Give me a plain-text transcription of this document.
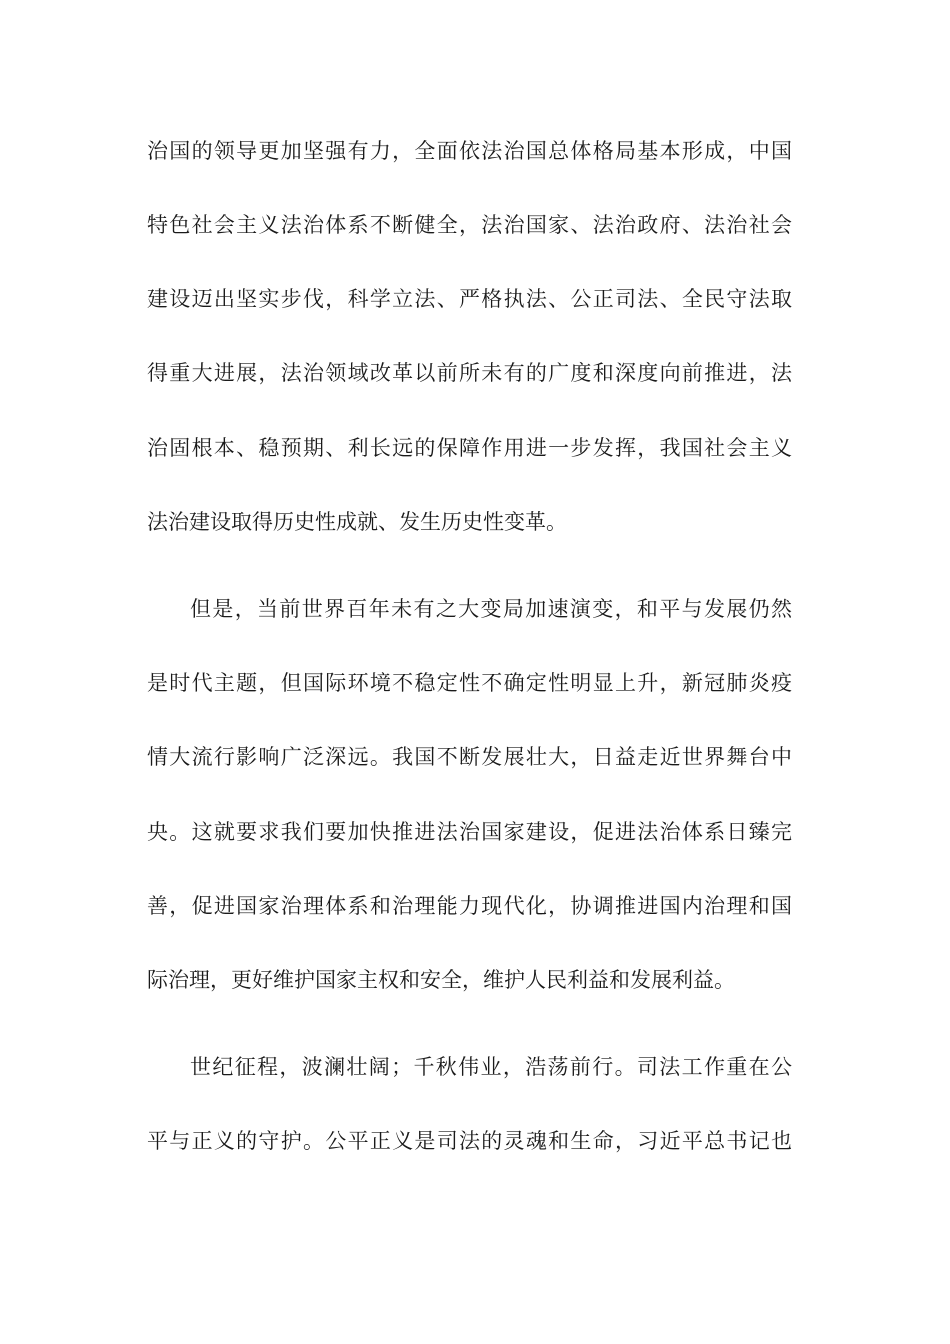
治国的领导更加坚强有力，全面依法治国总体格局基本形成，中国
特色社会主义法治体系不断健全，法治国家、法治政府、法治社会
建设迈出坚实步伐，科学立法、严格执法、公正司法、全民守法取
得重大进展，法治领域改革以前所未有的广度和深度向前推进，法
治固根本、稳预期、利长远的保障作用进一步发挥，我国社会主义
法治建设取得历史性成就、发生历史性变革。
但是，当前世界百年未有之大变局加速演变，和平与发展仍然
是时代主题，但国际环境不稳定性不确定性明显上升，新冠肺炎疫
情大流行影响广泛深远。我国不断发展壮大，日益走近世界舞台中
央。这就要求我们要加快推进法治国家建设，促进法治体系日臻完
善，促进国家治理体系和治理能力现代化，协调推进国内治理和国
际治理，更好维护国家主权和安全，维护人民利益和发展利益。
世纪征程，波澜壮阔；千秋伟业，浩荡前行。司法工作重在公
平与正义的守护。公平正义是司法的灵魂和生命，习近平总书记也
